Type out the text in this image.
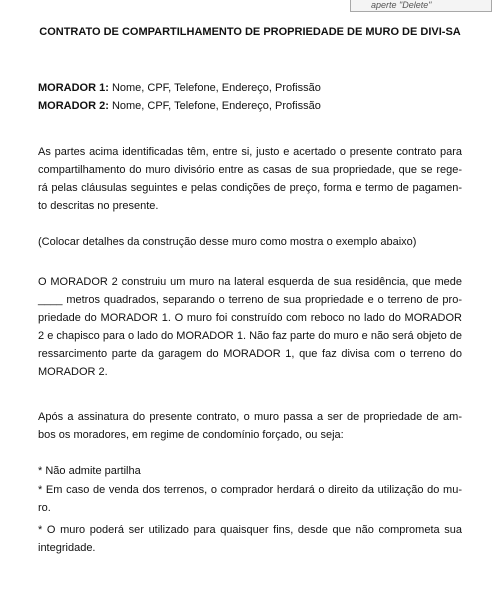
aperte "Delete"
CONTRATO DE COMPARTILHAMENTO DE PROPRIEDADE DE MURO DE DIVI-SA

MORADOR 1: Nome, CPF, Telefone, Endereço, Profissão

MORADOR 2: Nome, CPF, Telefone, Endereço, Profissão

As partes acima identificadas têm, entre si, justo e acertado o presente contrato para compartilhamento do muro divisório entre as casas de sua propriedade, que se rege-rá pelas cláusulas seguintes e pelas condições de preço, forma e termo de pagamen-to descritas no presente.

(Colocar detalhes da construção desse muro como mostra o exemplo abaixo)

O MORADOR 2 construiu um muro na lateral esquerda de sua residência, que mede ____ metros quadrados, separando o terreno de sua propriedade e o terreno de pro-priedade do MORADOR 1. O muro foi construído com reboco no lado do MORADOR 2 e chapisco para o lado do MORADOR 1. Não faz parte do muro e não será objeto de ressarcimento parte da garagem do MORADOR 1, que faz divisa com o terreno do MORADOR 2.

Após a assinatura do presente contrato, o muro passa a ser de propriedade de am-bos os moradores, em regime de condomínio forçado, ou seja:

* Não admite partilha

* Em caso de venda dos terrenos, o comprador herdará o direito da utilização do mu-ro.

* O muro poderá ser utilizado para quaisquer fins, desde que não comprometa sua integridade.
